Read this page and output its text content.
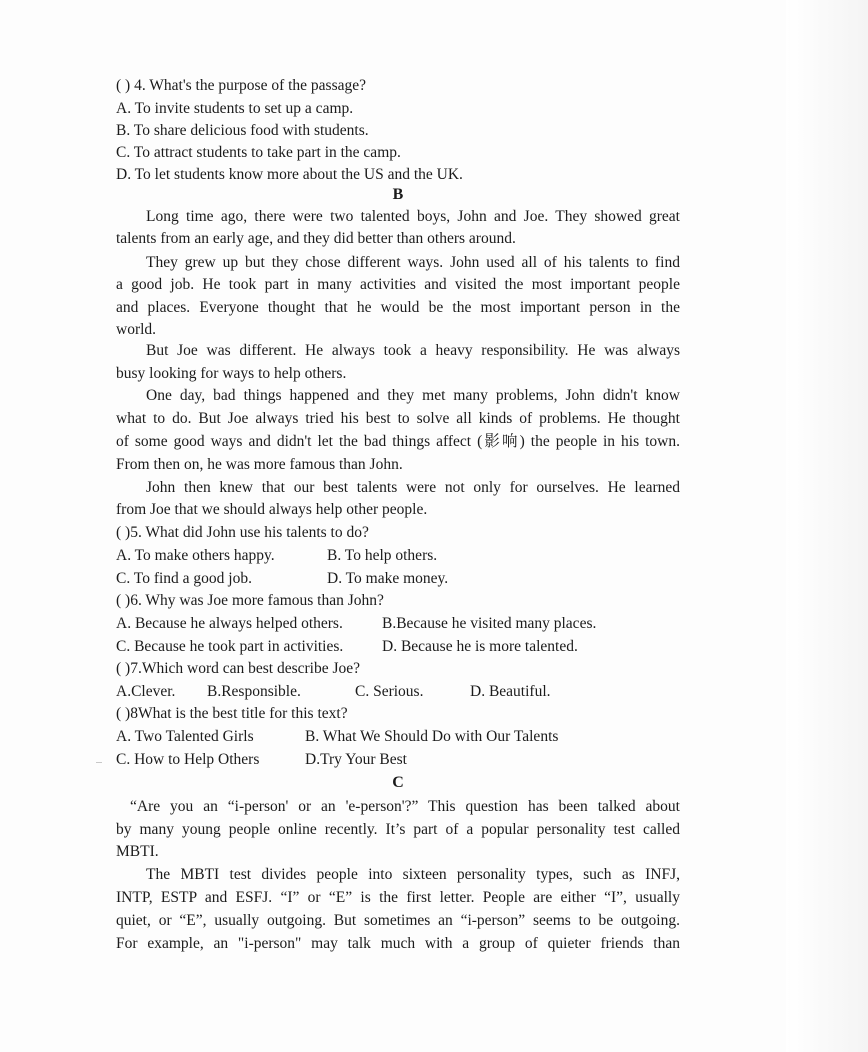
( ) 4. What's the purpose of the passage?
A. To invite students to set up a camp.
B. To share delicious food with students.
C. To attract students to take part in the camp.
D. To let students know more about the US and the UK.
B
Long time ago, there were two talented boys, John and Joe. They showed great
talents from an early age, and they did better than others around.
They grew up but they chose different ways. John used all of his talents to find
a good job. He took part in many activities and visited the most important people
and places. Everyone thought that he would be the most important person in the
world.
But Joe was different. He always took a heavy responsibility. He was always
busy looking for ways to help others.
One day, bad things happened and they met many problems, John didn't know
what to do. But Joe always tried his best to solve all kinds of problems. He thought
of some good ways and didn't let the bad things affect (影响) the people in his town.
From then on, he was more famous than John.
John then knew that our best talents were not only for ourselves. He learned
from Joe that we should always help other people.
( )5. What did John use his talents to do?
A. To make others happy.	B. To help others.
C. To find a good job.	D. To make money.
( )6. Why was Joe more famous than John?
A. Because he always helped others.	B.Because he visited many places.
C. Because he took part in activities. D. Because he is more talented.
( )7.Which word can best describe Joe?
A.Clever. B.Responsible.	C. Serious.	D. Beautiful.
( )8What is the best title for this text?
A. Two Talented Girls	B. What We Should Do with Our Talents
C. How to Help Others	D.Try Your Best
C
“Are you an “i-person' or an 'e-person'?” This question has been talked about
by many young people online recently. It’s part of a popular personality test called
MBTI.
The MBTI test divides people into sixteen personality types, such as INFJ,
INTP, ESTP and ESFJ. “I” or “E” is the first letter. People are either “I”, usually
quiet, or “E”, usually outgoing. But sometimes an “i-person” seems to be outgoing.
For example, an "i-person" may talk much with a group of quieter friends than
